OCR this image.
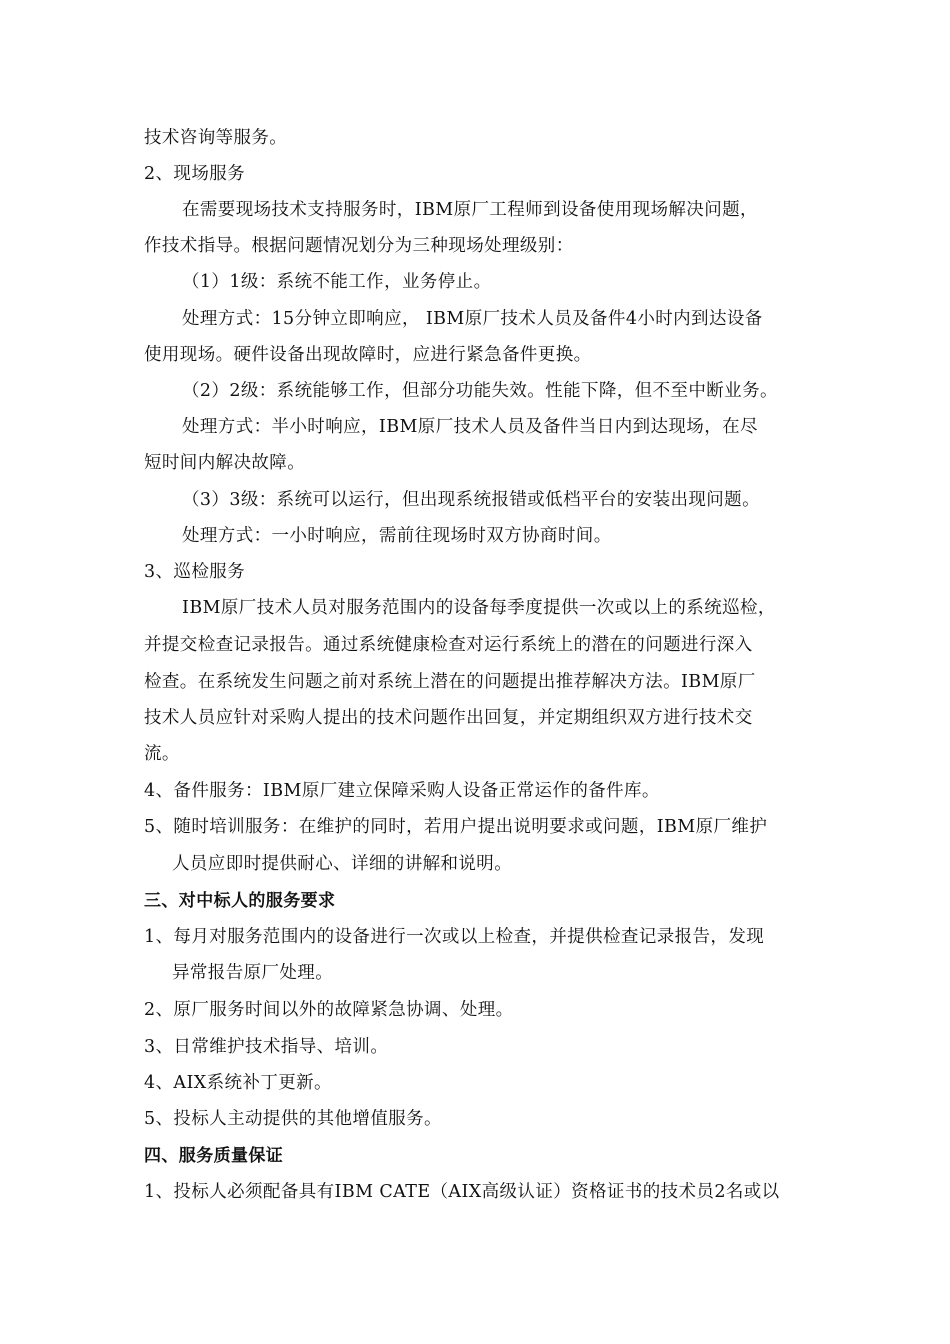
技术咨询等服务。
2、现场服务
在需要现场技术支持服务时，IBM原厂工程师到设备使用现场解决问题，
作技术指导。根据问题情况划分为三种现场处理级别：
（1）1级：系统不能工作，业务停止。
处理方式：15分钟立即响应， IBM原厂技术人员及备件4小时内到达设备
使用现场。硬件设备出现故障时，应进行紧急备件更换。
（2）2级：系统能够工作，但部分功能失效。性能下降，但不至中断业务。
处理方式：半小时响应，IBM原厂技术人员及备件当日内到达现场，在尽
短时间内解决故障。
（3）3级：系统可以运行，但出现系统报错或低档平台的安装出现问题。
处理方式：一小时响应，需前往现场时双方协商时间。
3、巡检服务
IBM原厂技术人员对服务范围内的设备每季度提供一次或以上的系统巡检，
并提交检查记录报告。通过系统健康检查对运行系统上的潜在的问题进行深入
检查。在系统发生问题之前对系统上潜在的问题提出推荐解决方法。IBM原厂
技术人员应针对采购人提出的技术问题作出回复，并定期组织双方进行技术交
流。
4、备件服务：IBM原厂建立保障采购人设备正常运作的备件库。
5、随时培训服务：在维护的同时，若用户提出说明要求或问题，IBM原厂维护
人员应即时提供耐心、详细的讲解和说明。
三、对中标人的服务要求
1、每月对服务范围内的设备进行一次或以上检查，并提供检查记录报告，发现
异常报告原厂处理。
2、原厂服务时间以外的故障紧急协调、处理。
3、日常维护技术指导、培训。
4、AIX系统补丁更新。
5、投标人主动提供的其他增值服务。
四、服务质量保证
1、投标人必须配备具有IBM CATE（AIX高级认证）资格证书的技术员2名或以
